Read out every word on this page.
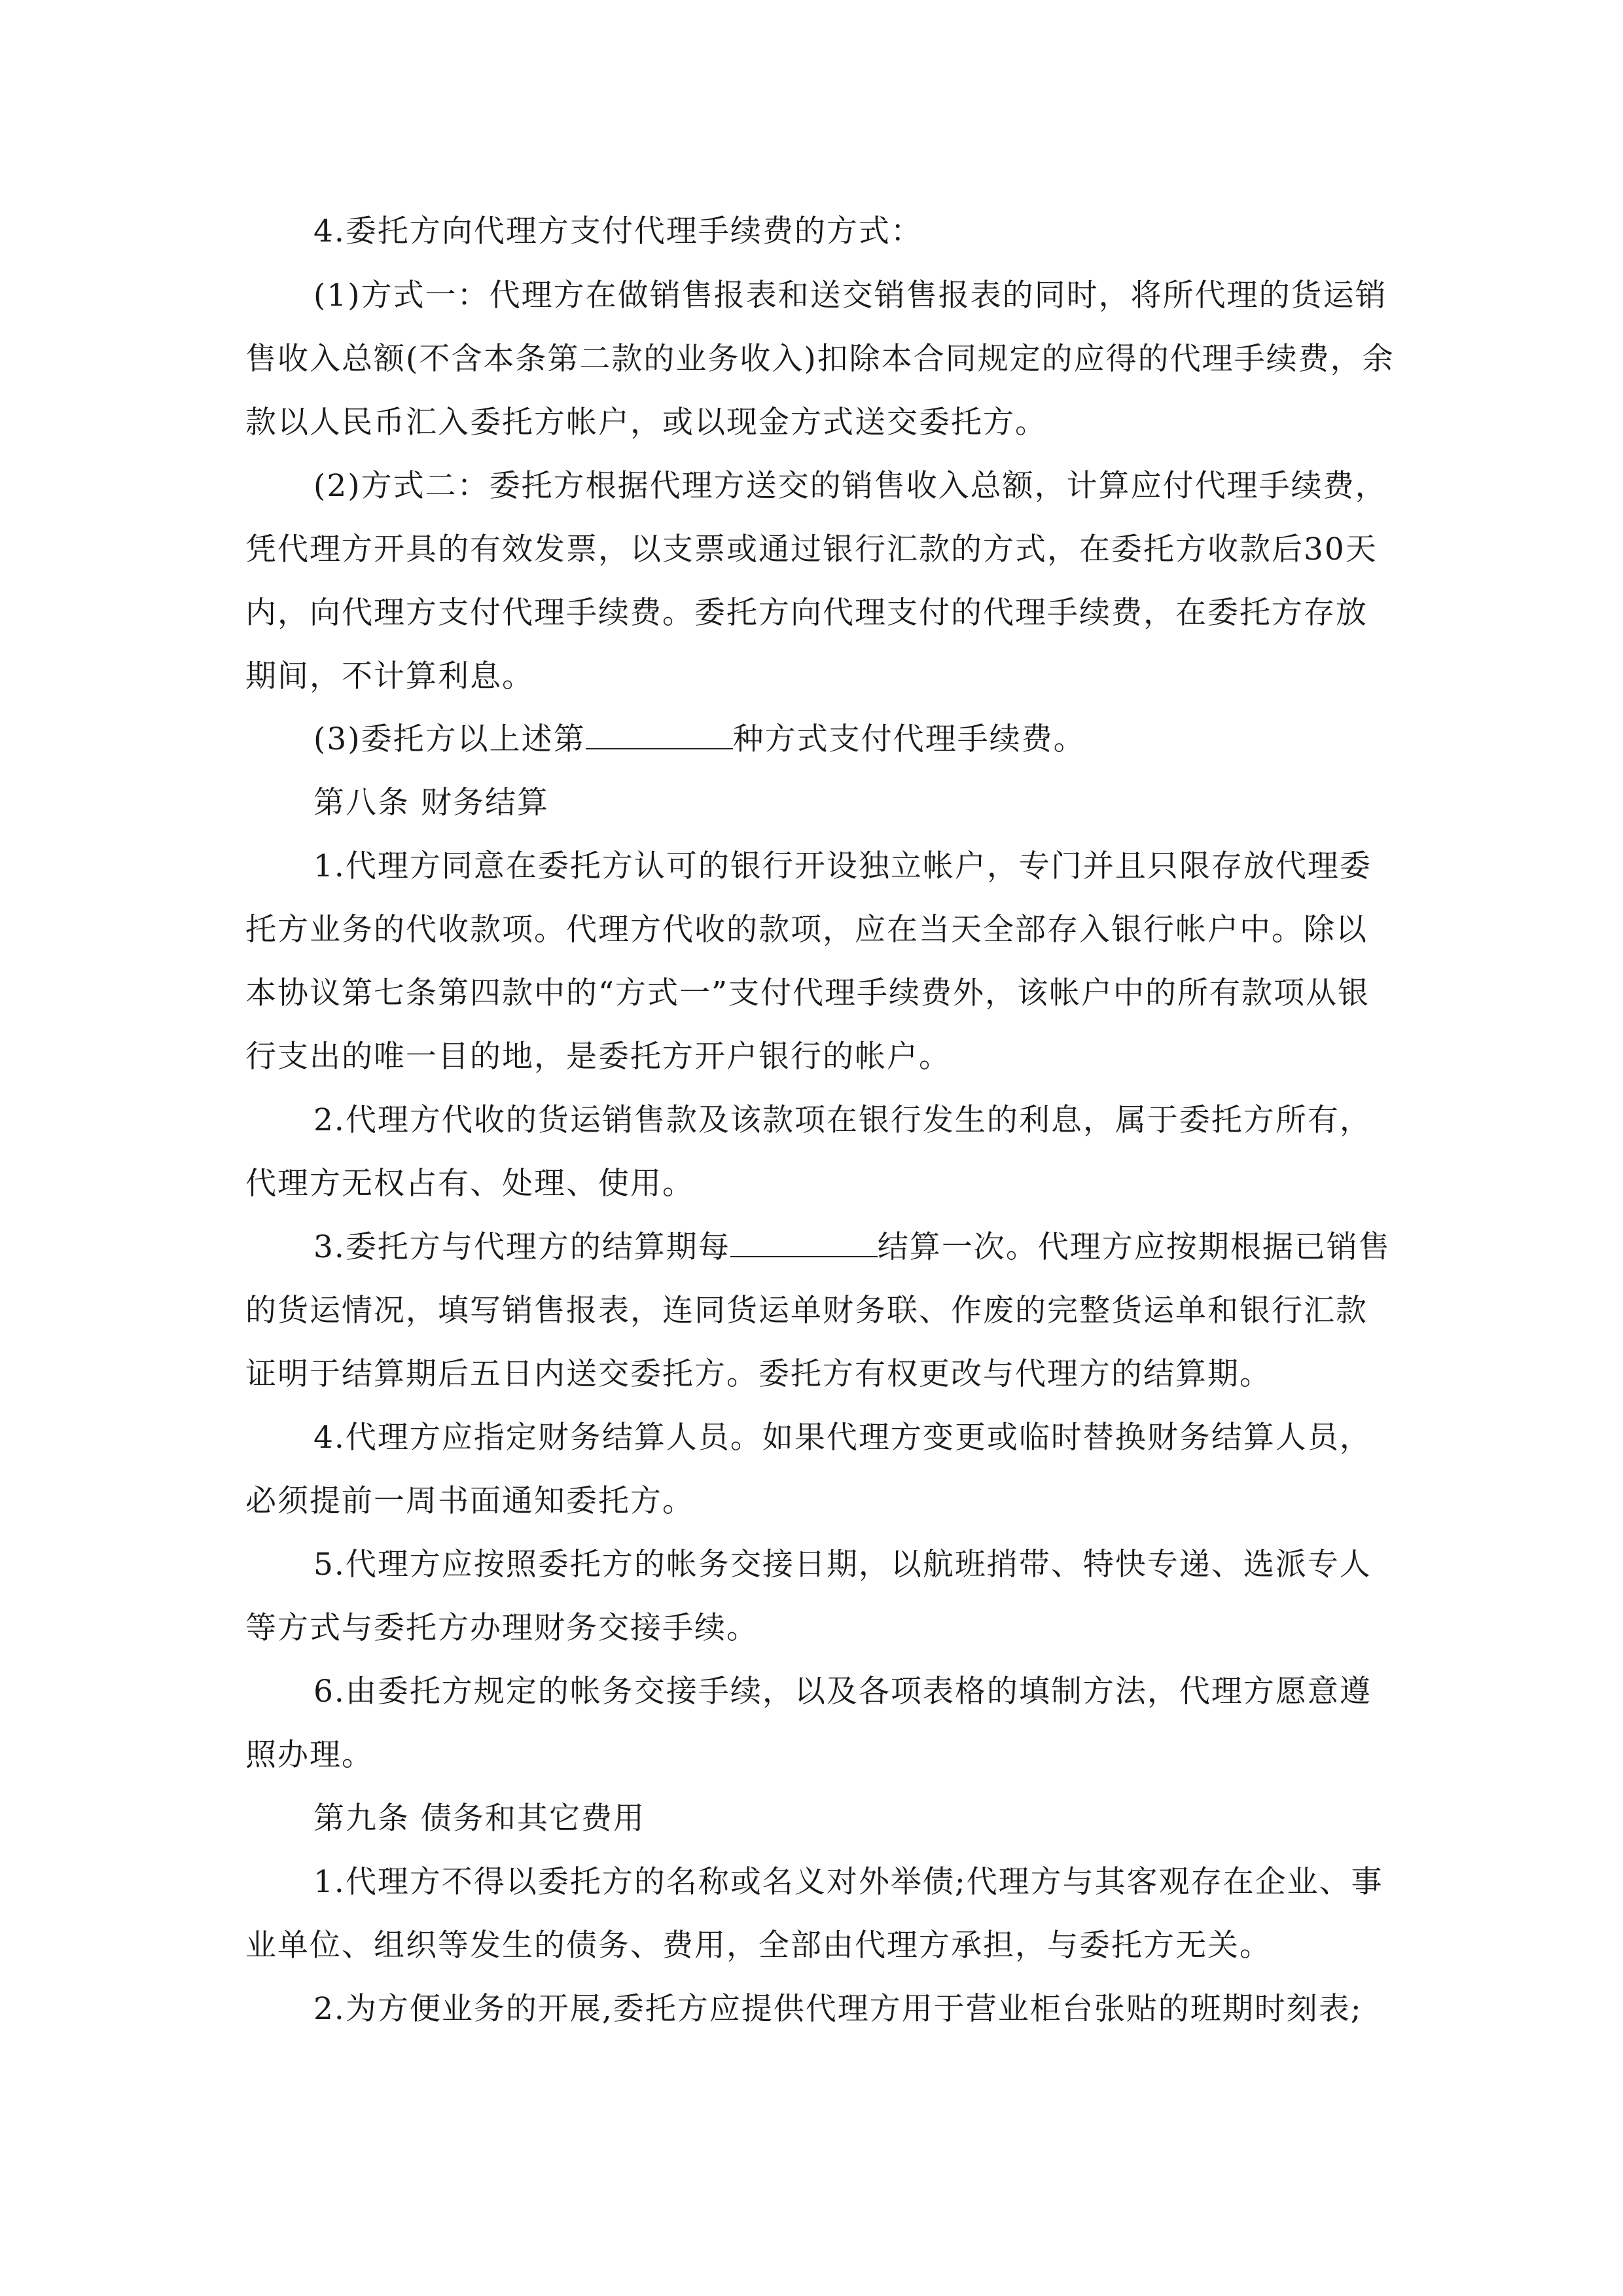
4.委托方向代理方支付代理手续费的方式：

(1)方式一：代理方在做销售报表和送交销售报表的同时，将所代理的货运销售收入总额(不含本条第二款的业务收入)扣除本合同规定的应得的代理手续费，余款以人民币汇入委托方帐户，或以现金方式送交委托方。

(2)方式二：委托方根据代理方送交的销售收入总额，计算应付代理手续费，凭代理方开具的有效发票，以支票或通过银行汇款的方式，在委托方收款后30天内，向代理方支付代理手续费。委托方向代理支付的代理手续费，在委托方存放期间，不计算利息。

(3)委托方以上述第	种方式支付代理手续费。

第八条 财务结算

1.代理方同意在委托方认可的银行开设独立帐户，专门并且只限存放代理委托方业务的代收款项。代理方代收的款项，应在当天全部存入银行帐户中。除以本协议第七条第四款中的“方式一”支付代理手续费外，该帐户中的所有款项从银行支出的唯一目的地，是委托方开户银行的帐户。

2.代理方代收的货运销售款及该款项在银行发生的利息，属于委托方所有，代理方无权占有、处理、使用。

3.委托方与代理方的结算期每	结算一次。代理方应按期根据已销售的货运情况，填写销售报表，连同货运单财务联、作废的完整货运单和银行汇款证明于结算期后五日内送交委托方。委托方有权更改与代理方的结算期。

4.代理方应指定财务结算人员。如果代理方变更或临时替换财务结算人员，必须提前一周书面通知委托方。

5.代理方应按照委托方的帐务交接日期，以航班捎带、特快专递、选派专人等方式与委托方办理财务交接手续。

6.由委托方规定的帐务交接手续，以及各项表格的填制方法，代理方愿意遵照办理。

第九条 债务和其它费用

1.代理方不得以委托方的名称或名义对外举债;代理方与其客观存在企业、事业单位、组织等发生的债务、费用，全部由代理方承担，与委托方无关。

2.为方便业务的开展,委托方应提供代理方用于营业柜台张贴的班期时刻表;
